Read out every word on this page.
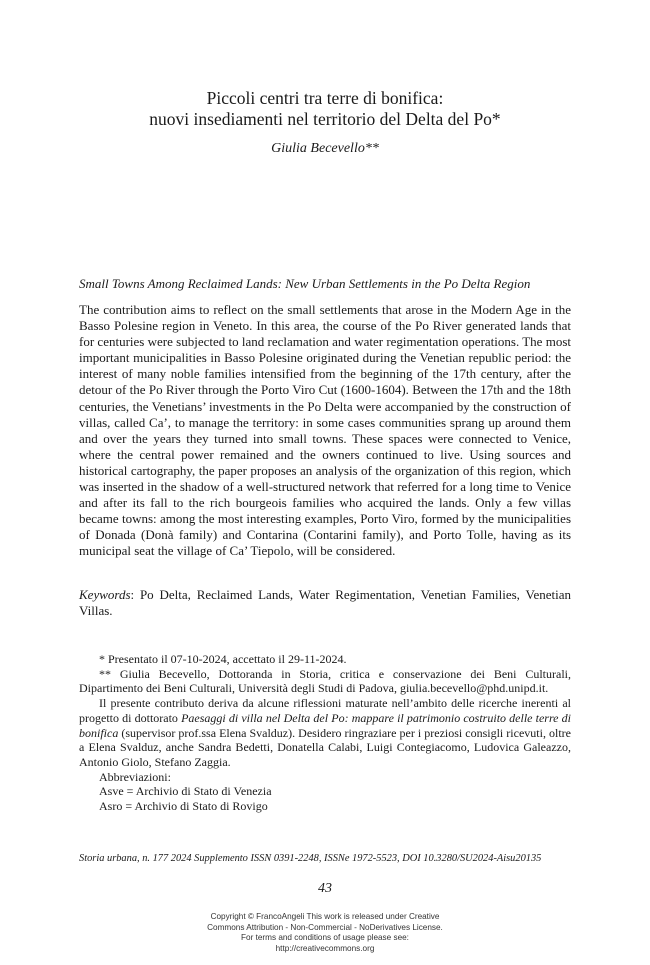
Piccoli centri tra terre di bonifica:
nuovi insediamenti nel territorio del Delta del Po*
Giulia Becevello**
Small Towns Among Reclaimed Lands: New Urban Settlements in the Po Delta Region

The contribution aims to reflect on the small settlements that arose in the Modern Age in the Basso Polesine region in Veneto. In this area, the course of the Po River generated lands that for centuries were subjected to land reclamation and water regimentation operations. The most important municipalities in Basso Polesine originated during the Venetian republic period: the interest of many noble families intensified from the beginning of the 17th century, after the detour of the Po River through the Porto Viro Cut (1600-1604). Between the 17th and the 18th centuries, the Venetians’ investments in the Po Delta were accompanied by the construction of villas, called Ca’, to manage the territory: in some cases communities sprang up around them and over the years they turned into small towns. These spaces were connected to Venice, where the central power remained and the owners continued to live. Using sources and historical cartography, the paper proposes an analysis of the organization of this region, which was inserted in the shadow of a well-structured network that referred for a long time to Venice and after its fall to the rich bourgeois families who acquired the lands. Only a few villas became towns: among the most interesting examples, Porto Viro, formed by the municipalities of Donada (Donà family) and Contarina (Contarini family), and Porto Tolle, having as its municipal seat the village of Ca’ Tiepolo, will be considered.

Keywords: Po Delta, Reclaimed Lands, Water Regimentation, Venetian Families, Venetian Villas.

* Presentato il 07-10-2024, accettato il 29-11-2024.

** Giulia Becevello, Dottoranda in Storia, critica e conservazione dei Beni Culturali, Dipartimento dei Beni Culturali, Università degli Studi di Padova, giulia.becevello@phd.unipd.it.

Il presente contributo deriva da alcune riflessioni maturate nell’ambito delle ricerche inerenti al progetto di dottorato Paesaggi di villa nel Delta del Po: mappare il patrimonio costruito delle terre di bonifica (supervisor prof.ssa Elena Svalduz). Desidero ringraziare per i preziosi consigli ricevuti, oltre a Elena Svalduz, anche Sandra Bedetti, Donatella Calabi, Luigi Contegiacomo, Ludovica Galeazzo, Antonio Giolo, Stefano Zaggia.

Abbreviazioni:

Asve = Archivio di Stato di Venezia

Asro = Archivio di Stato di Rovigo

Storia urbana, n. 177 2024 Supplemento ISSN 0391-2248, ISSNe 1972-5523, DOI 10.3280/SU2024-Aisu20135
43
Copyright © FrancoAngeli This work is released under Creative
Commons Attribution - Non-Commercial - NoDerivatives License.
For terms and conditions of usage please see:
http://creativecommons.org
